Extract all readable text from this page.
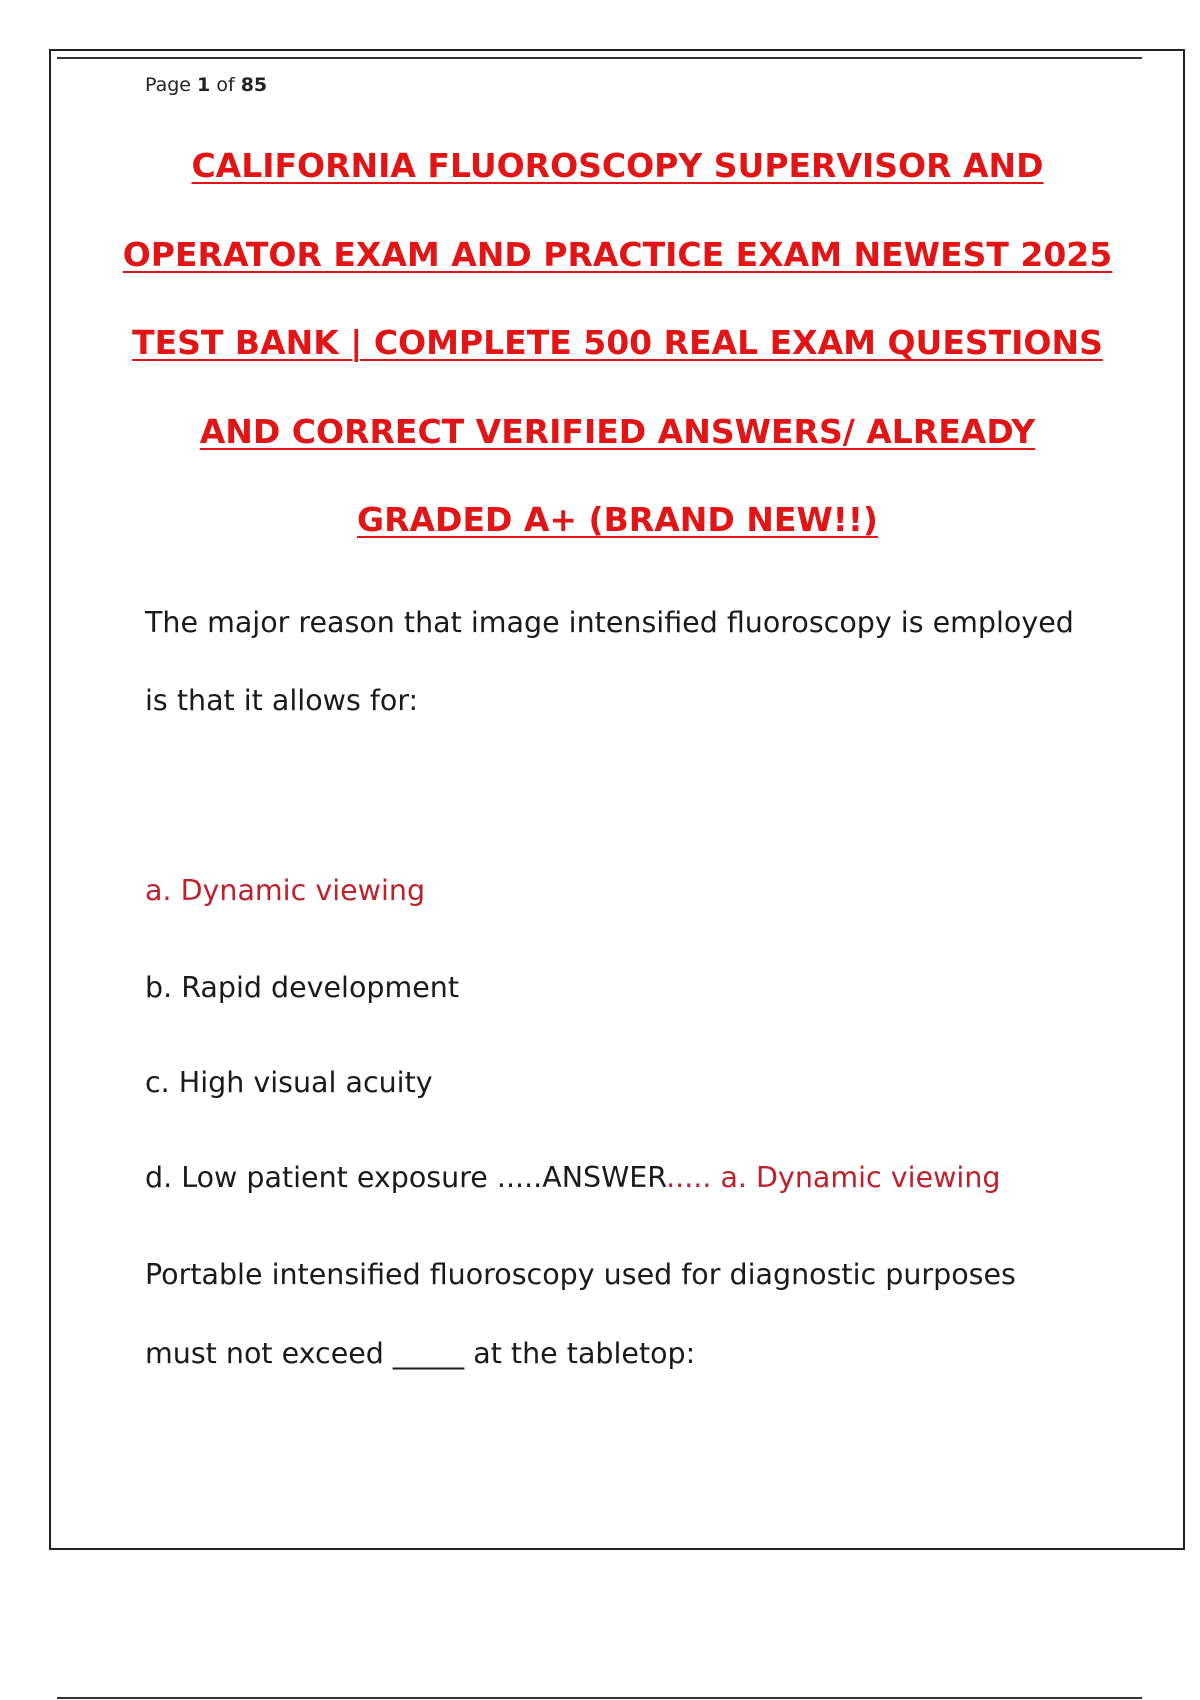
Page 1 of 85
CALIFORNIA FLUOROSCOPY SUPERVISOR AND
OPERATOR EXAM AND PRACTICE EXAM NEWEST 2025
TEST BANK | COMPLETE 500 REAL EXAM QUESTIONS
AND CORRECT VERIFIED ANSWERS/ ALREADY
GRADED A+ (BRAND NEW!!)
The major reason that image intensified fluoroscopy is employed
is that it allows for:
a. Dynamic viewing
b. Rapid development
c. High visual acuity
d. Low patient exposure .....ANSWER..... a. Dynamic viewing
Portable intensified fluoroscopy used for diagnostic purposes
must not exceed _____ at the tabletop:
